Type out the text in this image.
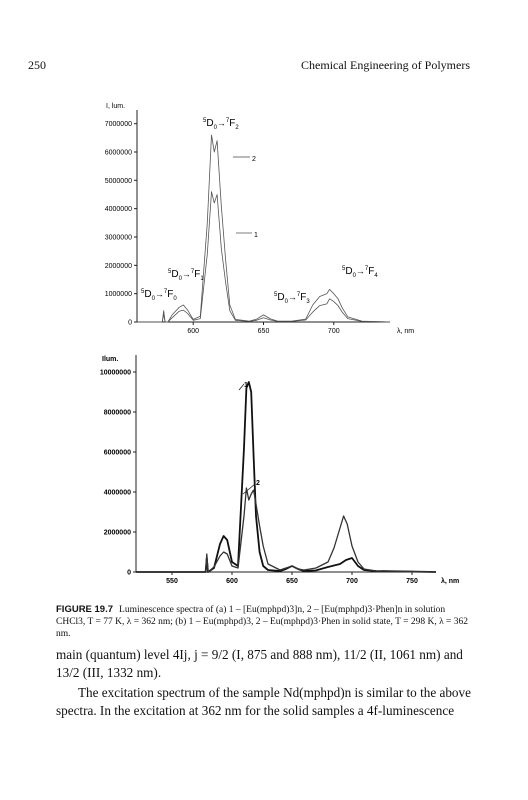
250	Chemical Engineering of Polymers
0
1000000
2000000
3000000
4000000
5000000
6000000
7000000
600	650	700
I, lum.
λ, nm
2
1
5D0→7F0
5D0→7F1
5D0→7F2
5D0→7F3
5D0→7F4
0
2000000
4000000
6000000
8000000
10000000
550	600	650	700	750
Ilum.
λ, nm
1
2
FIGURE 19.7 Luminescence spectra of (a) 1 – [Eu(mphpd)3]n, 2 – [Eu(mphpd)3·Phen]n in solution CHCl3, T = 77 K, λ = 362 nm; (b) 1 – Eu(mphpd)3, 2 – Eu(mphpd)3·Phen in solid state, T = 298 K, λ = 362 nm.
main (quantum) level 4Ij, j = 9/2 (I, 875 and 888 nm), 11/2 (II, 1061 nm) and 13/2 (III, 1332 nm).
The excitation spectrum of the sample Nd(mphpd)n is similar to the above spectra. In the excitation at 362 nm for the solid samples a 4f-luminescence
